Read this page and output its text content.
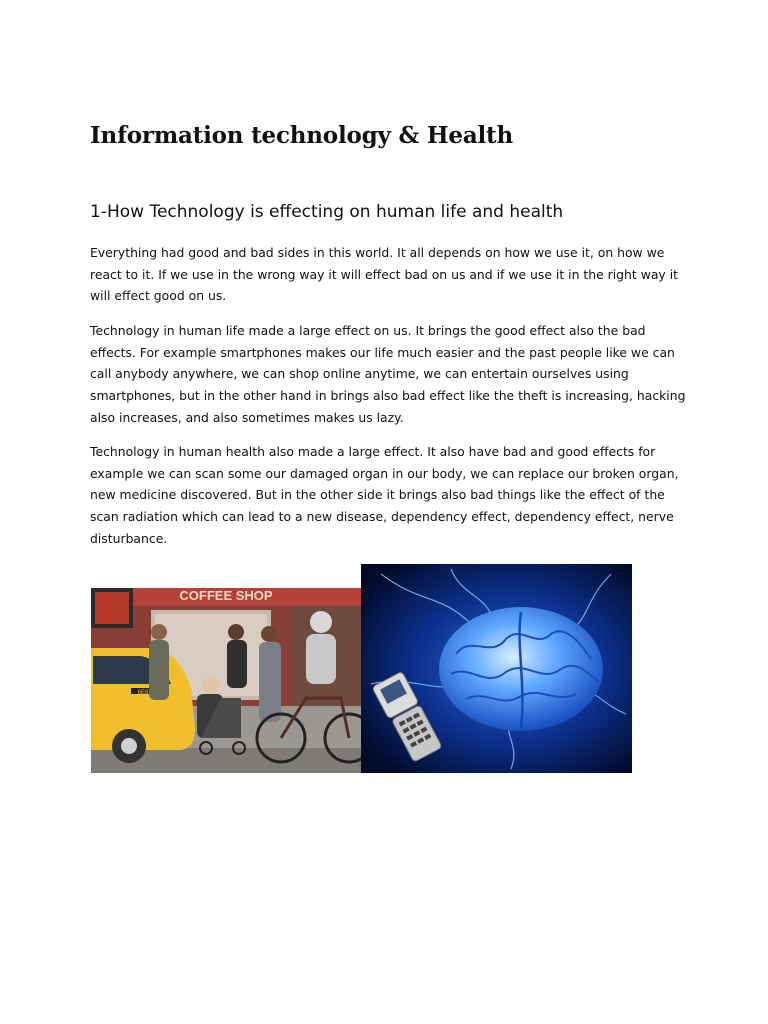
Information technology & Health
1-How Technology is effecting on human life and health
Everything had good and bad sides in this world. It all depends on how we use it, on how we
react to it. If we use in the wrong way it will effect bad on us and if we use it in the right way it
will effect good on us.
Technology in human life made a large effect on us. It brings the good effect also the bad
effects. For example smartphones makes our life much easier and the past people like we can
call anybody anywhere, we can shop online anytime, we can entertain ourselves using
smartphones, but in the other hand in brings also bad effect like the theft is increasing, hacking
also increases, and also sometimes makes us lazy.
Technology in human health also made a large effect. It also have bad and good effects for
example we can scan some our damaged organ in our body, we can replace our broken organ,
new medicine discovered. But in the other side it brings also bad things like the effect of the
scan radiation which can lead to a new disease, dependency effect, dependency effect, nerve
disturbance.
COFFEE SHOP
6E8
